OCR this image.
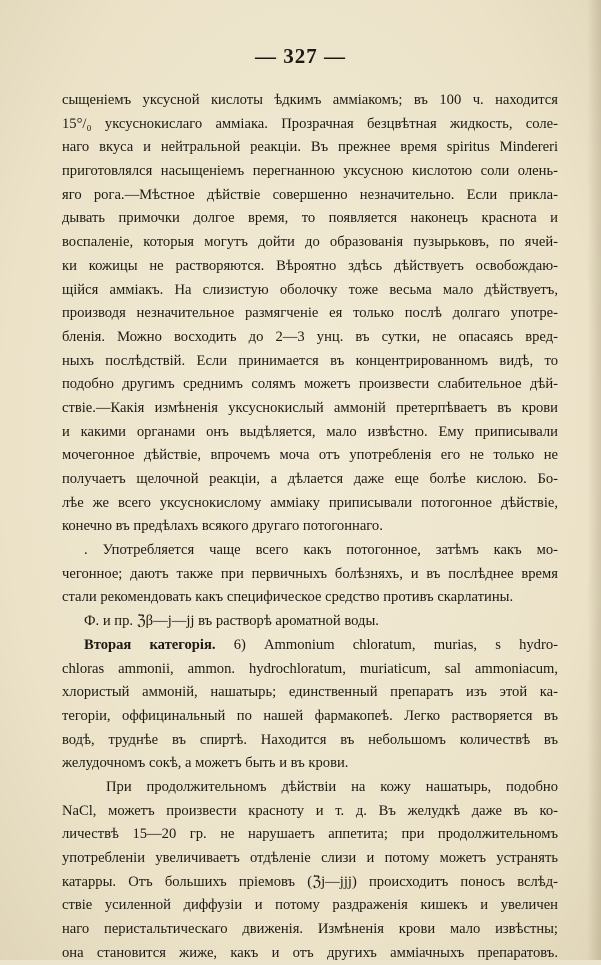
— 327 —
сыщеніемъ уксусной кислоты ѣдкимъ амміакомъ; въ 100 ч. находится
15°/₀ уксуснокислаго амміака. Прозрачная безцвѣтная жидкость, соле-
наго вкуса и нейтральной реакціи. Въ прежнее время spiritus Mindereri
приготовлялся насыщеніемъ перегнанною уксусною кислотою соли олень-
яго рога.—Мѣстное дѣйствіе совершенно незначительно. Если прикла-
дывать примочки долгое время, то появляется наконецъ краснота и
воспаленіе, которыя могутъ дойти до образованія пузырьковъ, по ячей-
ки кожицы не растворяются. Вѣроятно здѣсь дѣйствуетъ освобождаю-
щійся амміакъ. На слизистую оболочку тоже весьма мало дѣйствуетъ,
производя незначительное размягченіе ея только послѣ долгаго употре-
бленія. Можно восходить до 2—3 унц. въ сутки, не опасаясь вред-
ныхъ послѣдствій. Если принимается въ концентрированномъ видѣ, то
подобно другимъ среднимъ солямъ можетъ произвести слабительное дѣй-
ствіе.—Какія измѣненія уксуснокислый аммоній претерпѣваетъ въ крови
и какими органами онъ выдѣляется, мало извѣстно. Ему приписывали
мочегонное дѣйствіе, впрочемъ моча отъ употребленія его не только не
получаетъ щелочной реакціи, а дѣлается даже еще болѣе кислою. Бо-
лѣе же всего уксуснокислому амміаку приписывали потогонное дѣйствіе,
конечно въ предѣлахъ всякого другаго потогоннаго.
. Употребляется чаще всего какъ потогонное, затѣмъ какъ мо-
чегонное; даютъ также при первичныхъ болѣзняхъ, и въ послѣднее время
стали рекомендовать какъ специфическое средство противъ скарлатины.
Ф. и пр. ℨβ—j—jj въ растворѣ ароматной воды.
Вторая категорія. 6) Ammonium chloratum, murias, s hydro-
chloras ammonii, ammon. hydrochloratum, muriaticum, sal ammoniacum,
хлористый аммоній, нашатырь; единственный препаратъ изъ этой ка-
тегоріи, оффицинальный по нашей фармакопеѣ. Легко растворяется въ
водѣ, труднѣе въ спиртѣ. Находится въ небольшомъ количествѣ въ
желудочномъ сокѣ, а можетъ быть и въ крови.
При продолжительномъ дѣйствіи на кожу нашатырь, подобно
NaCl, можетъ произвести красноту и т. д. Въ желудкѣ даже въ ко-
личествѣ 15—20 гр. не нарушаетъ аппетита; при продолжительномъ
употребленіи увеличиваетъ отдѣленіе слизи и потому можетъ устранять
катарры. Отъ большихъ пріемовъ (ℨj—jjj) происходитъ поносъ вслѣд-
ствіе усиленной диффузіи и потому раздраженія кишекъ и увеличен
наго перистальтическаго движенія. Измѣненія крови мало извѣстны;
она становится жиже, какъ и отъ другихъ амміачныхъ препаратовъ.
